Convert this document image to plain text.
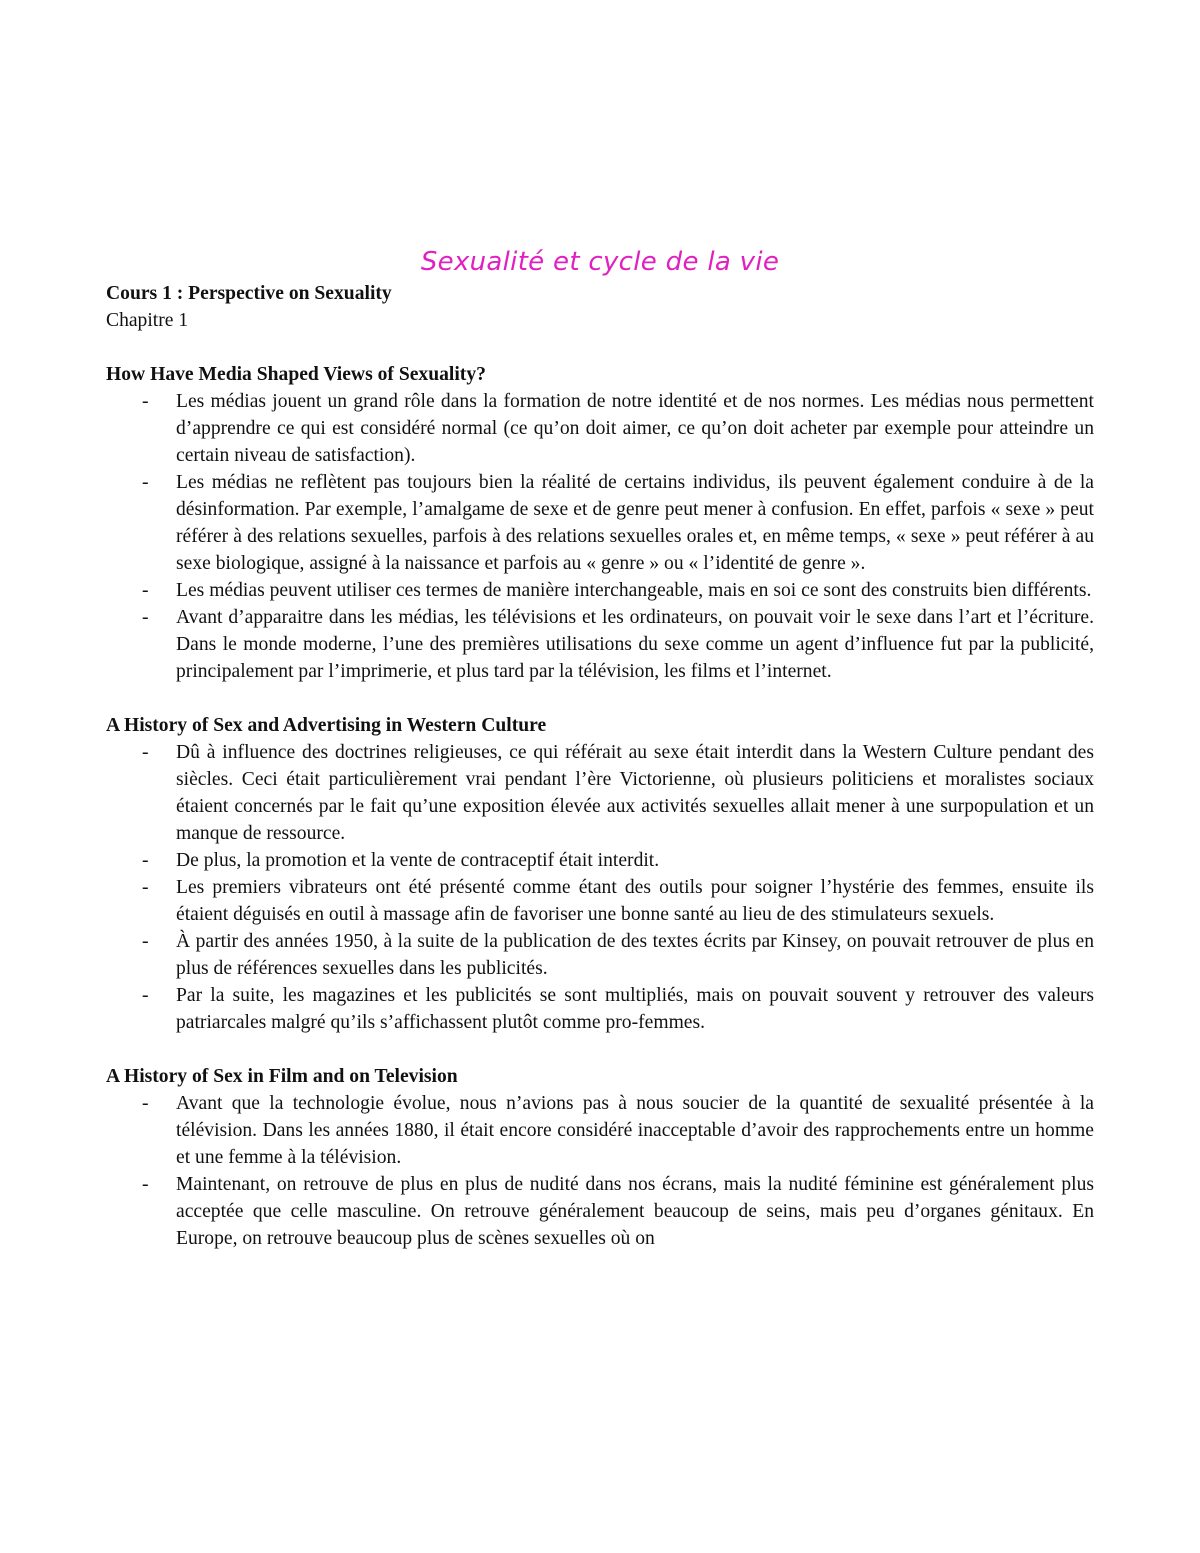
Sexualité et cycle de la vie

Cours 1 : Perspective on Sexuality

Chapitre 1

How Have Media Shaped Views of Sexuality?

- Les médias jouent un grand rôle dans la formation de notre identité et de nos normes. Les médias nous permettent d’apprendre ce qui est considéré normal (ce qu’on doit aimer, ce qu’on doit acheter par exemple pour atteindre un certain niveau de satisfaction).
- Les médias ne reflètent pas toujours bien la réalité de certains individus, ils peuvent également conduire à de la désinformation. Par exemple, l’amalgame de sexe et de genre peut mener à confusion. En effet, parfois « sexe » peut référer à des relations sexuelles, parfois à des relations sexuelles orales et, en même temps, « sexe » peut référer à au sexe biologique, assigné à la naissance et parfois au « genre » ou « l’identité de genre ».
- Les médias peuvent utiliser ces termes de manière interchangeable, mais en soi ce sont des construits bien différents.
- Avant d’apparaitre dans les médias, les télévisions et les ordinateurs, on pouvait voir le sexe dans l’art et l’écriture. Dans le monde moderne, l’une des premières utilisations du sexe comme un agent d’influence fut par la publicité, principalement par l’imprimerie, et plus tard par la télévision, les films et l’internet.

A History of Sex and Advertising in Western Culture

- Dû à influence des doctrines religieuses, ce qui référait au sexe était interdit dans la Western Culture pendant des siècles. Ceci était particulièrement vrai pendant l’ère Victorienne, où plusieurs politiciens et moralistes sociaux étaient concernés par le fait qu’une exposition élevée aux activités sexuelles allait mener à une surpopulation et un manque de ressource.
- De plus, la promotion et la vente de contraceptif était interdit.
- Les premiers vibrateurs ont été présenté comme étant des outils pour soigner l’hystérie des femmes, ensuite ils étaient déguisés en outil à massage afin de favoriser une bonne santé au lieu de des stimulateurs sexuels.
- À partir des années 1950, à la suite de la publication de des textes écrits par Kinsey, on pouvait retrouver de plus en plus de références sexuelles dans les publicités.
- Par la suite, les magazines et les publicités se sont multipliés, mais on pouvait souvent y retrouver des valeurs patriarcales malgré qu’ils s’affichassent plutôt comme pro-femmes.

A History of Sex in Film and on Television

- Avant que la technologie évolue, nous n’avions pas à nous soucier de la quantité de sexualité présentée à la télévision. Dans les années 1880, il était encore considéré inacceptable d’avoir des rapprochements entre un homme et une femme à la télévision.
- Maintenant, on retrouve de plus en plus de nudité dans nos écrans, mais la nudité féminine est généralement plus acceptée que celle masculine. On retrouve généralement beaucoup de seins, mais peu d’organes génitaux. En Europe, on retrouve beaucoup plus de scènes sexuelles où on
